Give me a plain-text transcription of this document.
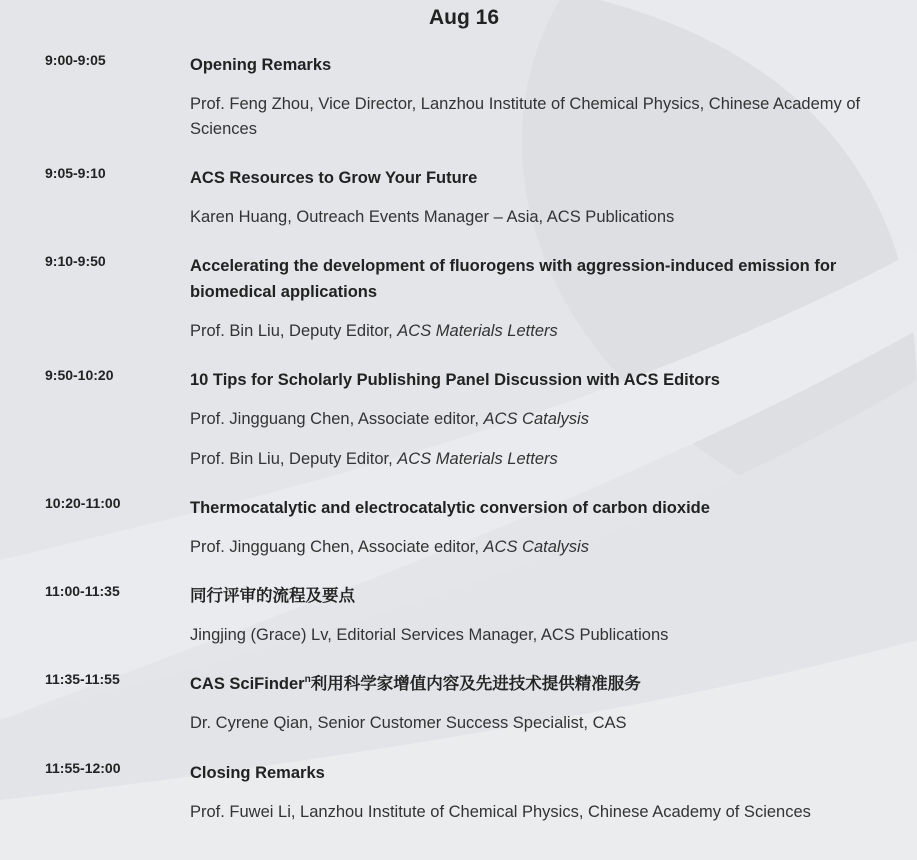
Aug 16
9:00-9:05	Opening Remarks
Prof. Feng Zhou, Vice Director, Lanzhou Institute of Chemical Physics, Chinese Academy of Sciences
9:05-9:10	ACS Resources to Grow Your Future
Karen Huang, Outreach Events Manager – Asia, ACS Publications
9:10-9:50	Accelerating the development of fluorogens with aggression-induced emission for biomedical applications
Prof. Bin Liu, Deputy Editor, ACS Materials Letters
9:50-10:20	10 Tips for Scholarly Publishing Panel Discussion with ACS Editors
Prof. Jingguang Chen, Associate editor, ACS Catalysis
Prof. Bin Liu, Deputy Editor, ACS Materials Letters
10:20-11:00	Thermocatalytic and electrocatalytic conversion of carbon dioxide
Prof. Jingguang Chen, Associate editor, ACS Catalysis
11:00-11:35	同行评审的流程及要点
Jingjing (Grace) Lv, Editorial Services Manager, ACS Publications
11:35-11:55	CAS SciFinder$^n$利用科学家增值内容及先进技术提供精准服务
Dr. Cyrene Qian, Senior Customer Success Specialist, CAS
11:55-12:00	Closing Remarks
Prof. Fuwei Li, Lanzhou Institute of Chemical Physics, Chinese Academy of Sciences
